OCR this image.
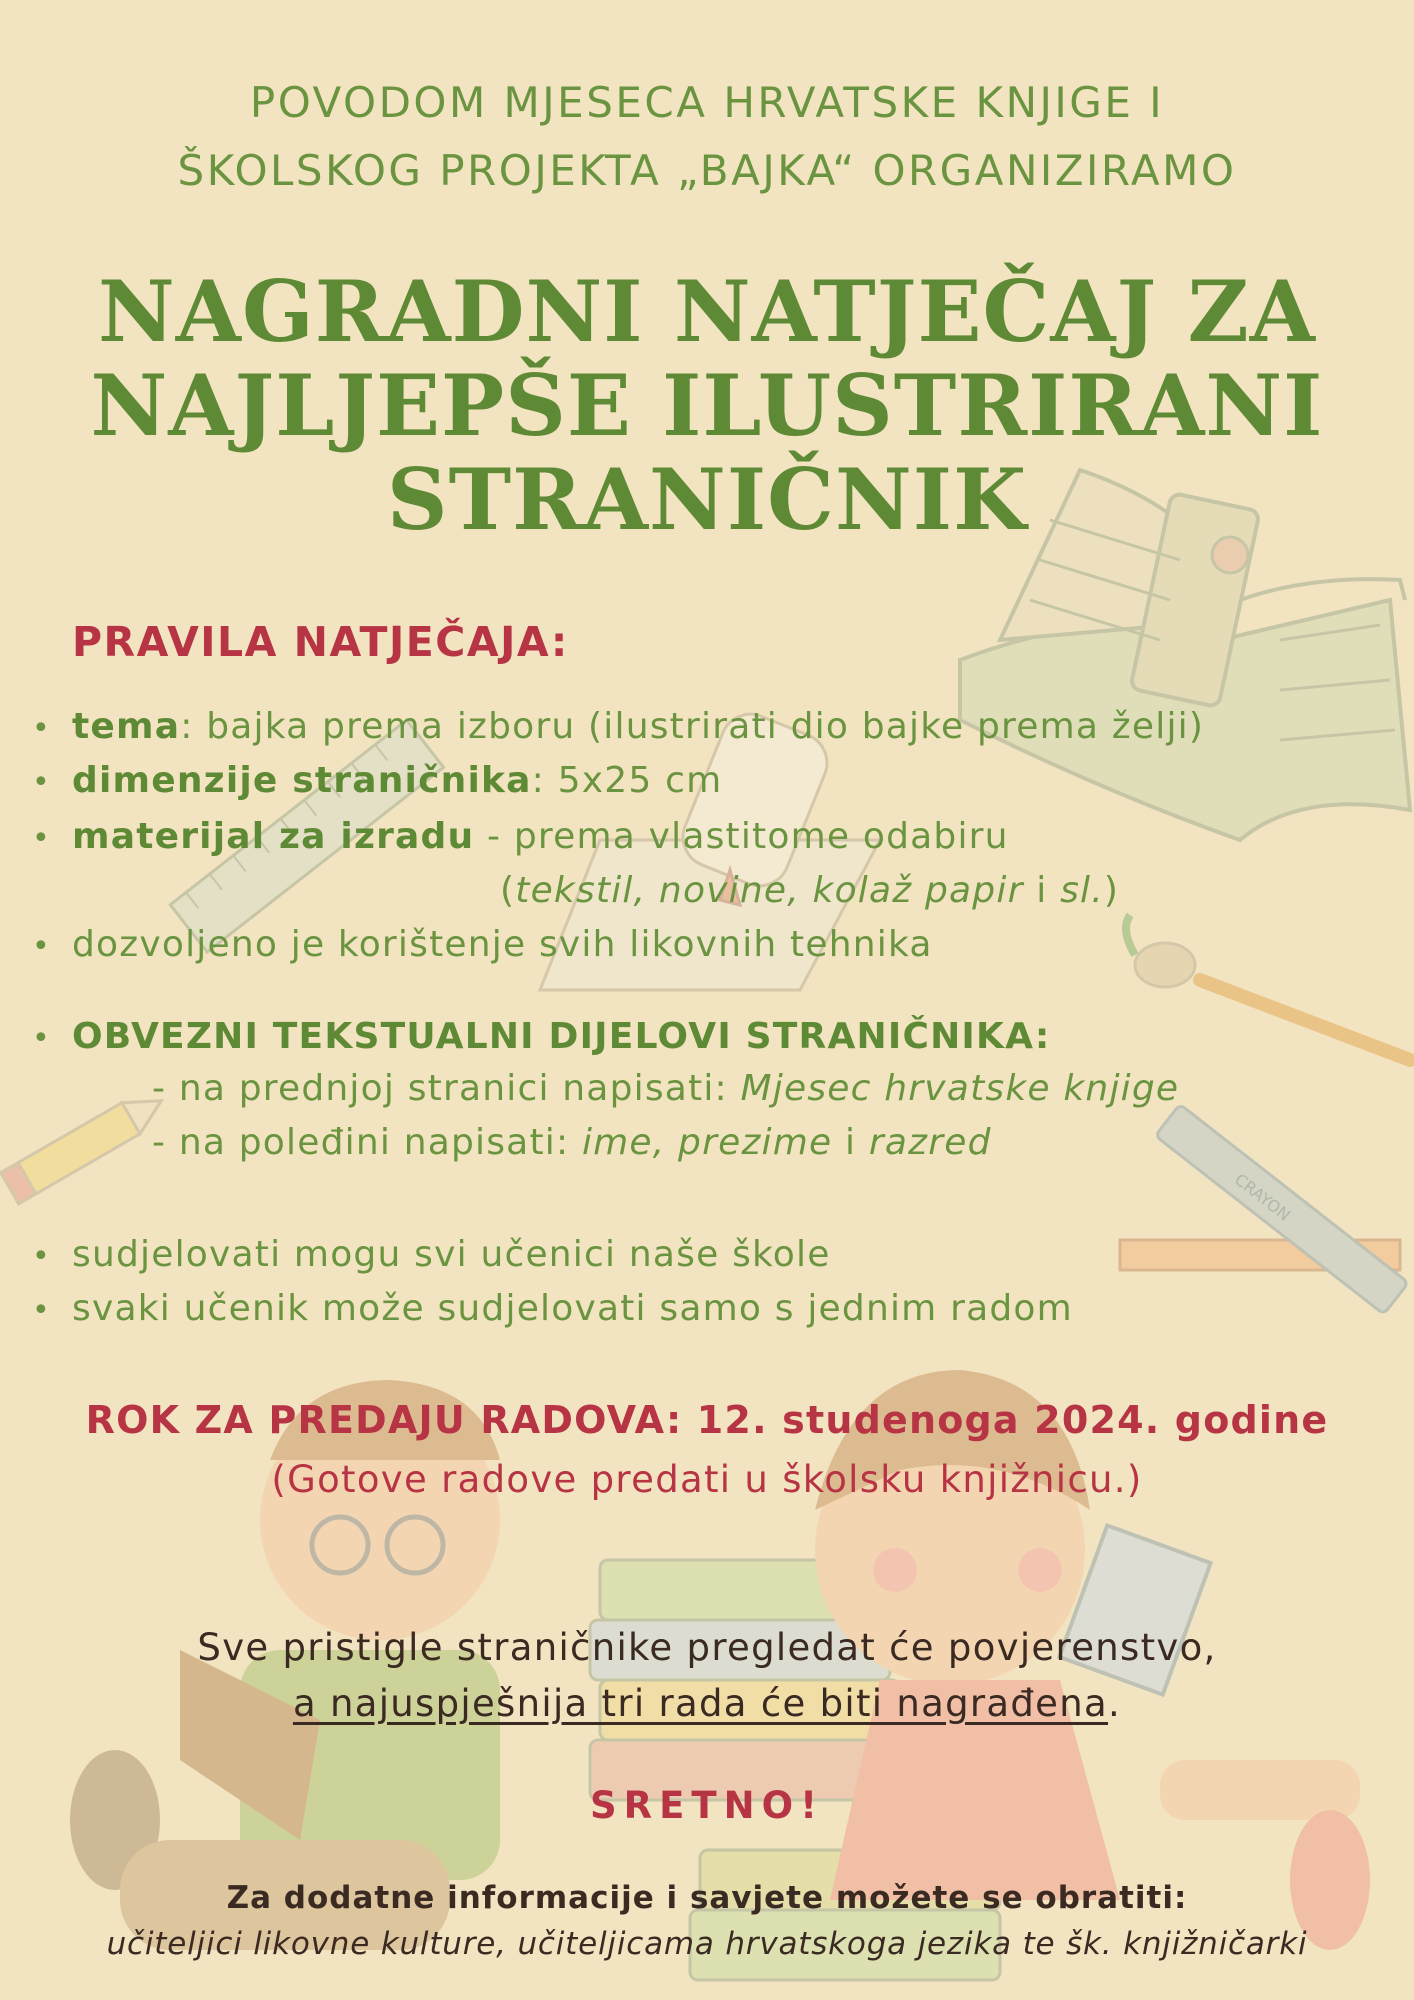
CRAYON
POVODOM MJESECA HRVATSKE KNJIGE I
ŠKOLSKOG PROJEKTA „BAJKA“ ORGANIZIRAMO
NAGRADNI NATJEČAJ ZA
NAJLJEPŠE ILUSTRIRANI
STRANIČNIK
PRAVILA NATJEČAJA:
• tema: bajka prema izboru (ilustrirati dio bajke prema želji)
• dimenzije straničnika: 5x25 cm
• materijal za izradu - prema vlastitome odabiru
(tekstil, novine, kolaž papir i sl.)
• dozvoljeno je korištenje svih likovnih tehnika
• OBVEZNI TEKSTUALNI DIJELOVI STRANIČNIKA:
- na prednjoj stranici napisati: Mjesec hrvatske knjige
- na poleđini napisati: ime, prezime i razred
• sudjelovati mogu svi učenici naše škole
• svaki učenik može sudjelovati samo s jednim radom
ROK ZA PREDAJU RADOVA: 12. studenoga 2024. godine
(Gotove radove predati u školsku knjižnicu.)
Sve pristigle straničnike pregledat će povjerenstvo,
a najuspješnija tri rada će biti nagrađena.
SRETNO!
Za dodatne informacije i savjete možete se obratiti:
učiteljici likovne kulture, učiteljicama hrvatskoga jezika te šk. knjižničarki
